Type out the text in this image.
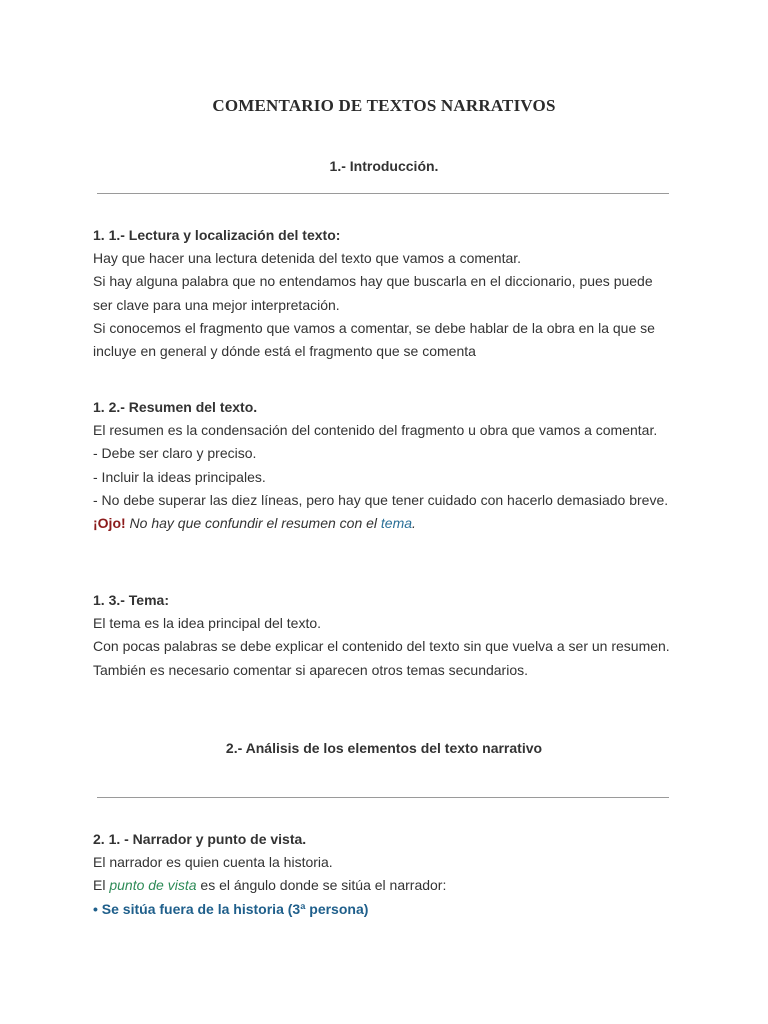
COMENTARIO DE TEXTOS NARRATIVOS
1.- Introducción.

1. 1.- Lectura y localización del texto:

Hay que hacer una lectura detenida del texto que vamos a comentar.

Si hay alguna palabra que no entendamos hay que buscarla en el diccionario, pues puede ser clave para una mejor interpretación.

Si conocemos el fragmento que vamos a comentar, se debe hablar de la obra en la que se incluye en general y dónde está el fragmento que se comenta

1. 2.- Resumen del texto.

El resumen es la condensación del contenido del fragmento u obra que vamos a comentar.

- Debe ser claro y preciso.

- Incluir la ideas principales.

- No debe superar las diez líneas, pero hay que tener cuidado con hacerlo demasiado breve.

¡Ojo! No hay que confundir el resumen con el tema.

1. 3.- Tema:

El tema es la idea principal del texto.

Con pocas palabras se debe explicar el contenido del texto sin que vuelva a ser un resumen.

También es necesario comentar si aparecen otros temas secundarios.

2.- Análisis de los elementos del texto narrativo

2. 1. - Narrador y punto de vista.

El narrador es quien cuenta la historia.

El punto de vista es el ángulo donde se sitúa el narrador:

• Se sitúa fuera de la historia (3ª persona)
